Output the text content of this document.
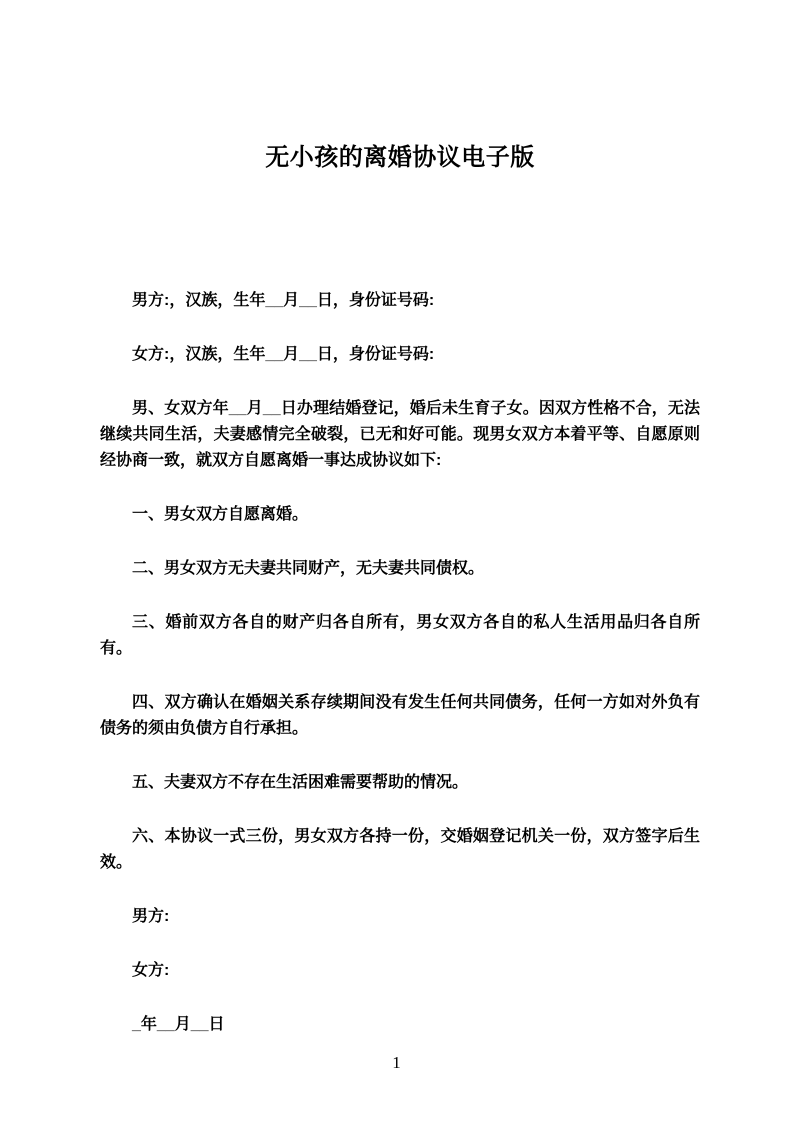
无小孩的离婚协议电子版

男方:，汉族，生年__月__日，身份证号码:

女方:，汉族，生年__月__日，身份证号码:

男、女双方年__月__日办理结婚登记，婚后未生育子女。因双方性格不合，无法继续共同生活，夫妻感情完全破裂，已无和好可能。现男女双方本着平等、自愿原则经协商一致，就双方自愿离婚一事达成协议如下:

一、男女双方自愿离婚。

二、男女双方无夫妻共同财产，无夫妻共同债权。

三、婚前双方各自的财产归各自所有，男女双方各自的私人生活用品归各自所有。

四、双方确认在婚姻关系存续期间没有发生任何共同债务，任何一方如对外负有债务的须由负债方自行承担。

五、夫妻双方不存在生活困难需要帮助的情况。

六、本协议一式三份，男女双方各持一份，交婚姻登记机关一份，双方签字后生效。

男方:

女方:

_年__月__日

1
